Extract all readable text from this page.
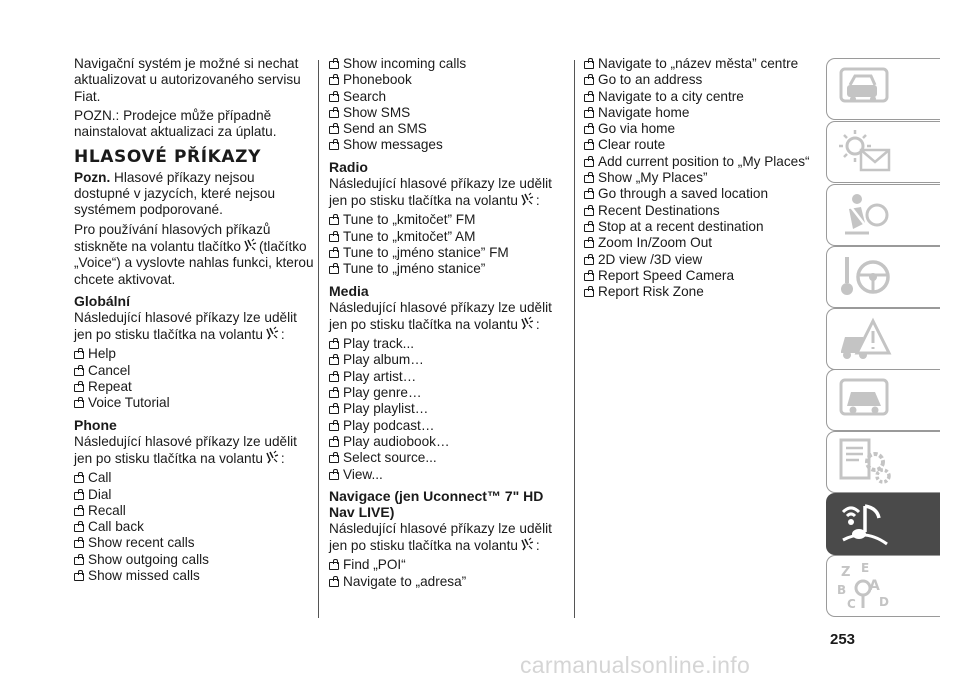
Navigační systém je možné si nechat aktualizovat u autorizovaného servisu Fiat.

POZN.: Prodejce může případně nainstalovat aktualizaci za úplatu.

HLASOVÉ PŘÍKAZY

Pozn. Hlasové příkazy nejsou dostupné v jazycích, které nejsou systémem podporované.

Pro používání hlasových příkazů stiskněte na volantu tlačítko (tlačítko „Voice“) a vyslovte nahlas funkci, kterou chcete aktivovat.

Globální

Následující hlasové příkazy lze udělit jen po stisku tlačítka na volantu :

Help
Cancel
Repeat
Voice Tutorial
Phone

Následující hlasové příkazy lze udělit jen po stisku tlačítka na volantu :

Call
Dial
Recall
Call back
Show recent calls
Show outgoing calls
Show missed calls
Show incoming calls
Phonebook
Search
Show SMS
Send an SMS
Show messages
Radio

Následující hlasové příkazy lze udělit jen po stisku tlačítka na volantu :

Tune to „kmitočet” FM
Tune to „kmitočet” AM
Tune to „jméno stanice” FM
Tune to „jméno stanice”
Media

Následující hlasové příkazy lze udělit jen po stisku tlačítka na volantu :

Play track...
Play album…
Play artist…
Play genre…
Play playlist…
Play podcast…
Play audiobook…
Select source...
View...
Navigace (jen Uconnect™ 7" HD Nav LIVE)

Následující hlasové příkazy lze udělit jen po stisku tlačítka na volantu :

Find „POI“
Navigate to „adresa”
Navigate to „název města” centre
Go to an address
Navigate to a city centre
Navigate home
Go via home
Clear route
Add current position to „My Places“
Show „My Places”
Go through a saved location
Recent Destinations
Stop at a recent destination
Zoom In/Zoom Out
2D view /3D view
Report Speed Camera
Report Risk Zone
Z E
B A
C D
253
carmanualsonline.info
